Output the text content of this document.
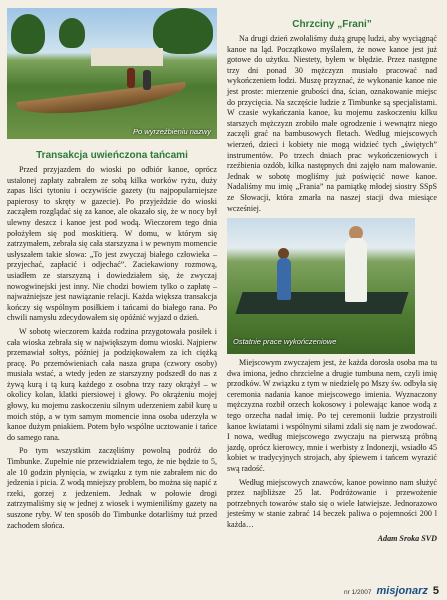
Po wyrzeźbieniu nazwy
Transakcja uwieńczona tańcami

Przed przyjazdem do wioski po odbiór kanoe, oprócz ustalonej zapłaty zabrałem ze sobą kilka worków ryżu, duży zapas liści tytoniu i oczywiście gazety (tu najpopularniejsze papierosy to skręty w gazecie). Po przyjeździe do wioski zacząłem rozglądać się za kanoe, ale okazało się, że w nocy był ulewny deszcz i kanoe jest pod wodą. Wieczorem tego dnia położyłem się pod moskitierą. W domu, w którym się zatrzymałem, zebrała się cała starszyzna i w pewnym momencie usłyszałem takie słowa: „To jest zwyczaj białego człowieka – przyjechać, zapłacić i odjechać”. Zaciekawiony rozmową, usiadłem ze starszyzną i dowiedziałem się, że zwyczaj nowogwinejski jest inny. Nie chodzi bowiem tylko o zapłatę – najważniejsze jest nawiązanie relacji. Każda większa transakcja kończy się wspólnym posiłkiem i tańcami do białego rana. Po chwili namysłu zdecydowałem się opóźnić wyjazd o dzień.

W sobotę wieczorem każda rodzina przygotowała posiłek i cała wioska zebrała się w największym domu wioski. Najpierw przemawiał sołtys, później ja podziękowałem za ich ciężką pracę. Po przemówieniach cała nasza grupa (czwory osoby) musiała wstać, a wtedy jeden ze starszyzny podszedł do nas z żywą kurą i tą kurą każdego z osobna trzy razy okrążył – w okolicy kolan, klatki piersiowej i głowy. Po okrążeniu mojej głowy, ku mojemu zaskoczeniu silnym uderzeniem zabił kurę u moich stóp, a w tym samym momencie inna osoba uderzyła w kanoe dużym pniakiem. Potem było wspólne ucztowanie i tańce do samego rana.

Po tym wszystkim zaczęliśmy powolną podróż do Timbunke. Zupełnie nie przewidziałem tego, że nie będzie to 5, ale 10 godzin płynięcia, w związku z tym nie zabrałem nic do jedzenia i picia. Z wodą mniejszy problem, bo można się napić z rzeki, gorzej z jedzeniem. Jednak w połowie drogi zatrzymaliśmy się w jednej z wiosek i wymieniliśmy gazety na suszone ryby. W ten sposób do Timbunke dotarliśmy tuż przed zachodem słońca.

Chrzciny „Frani”

Na drugi dzień zwołaliśmy dużą grupę ludzi, aby wyciągnąć kanoe na ląd. Początkowo myślałem, że nowe kanoe jest już gotowe do użytku. Niestety, byłem w błędzie. Przez następne trzy dni ponad 30 mężczyzn musiało pracować nad wykończeniem łodzi. Muszę przyznać, że wykonanie kanoe nie jest proste: mierzenie grubości dna, ścian, oznakowanie miejsc do przycięcia. Na szczęście ludzie z Timbunke są specjalistami. W czasie wykańczania kanoe, ku mojemu zaskoczeniu kilku starszych mężczyzn zrobiło małe ogrodzenie i wewnątrz niego zaczęli grać na bambusowych fletach. Według miejscowych wierzeń, dzieci i kobiety nie mogą widzieć tych „świętych” instrumentów. Po trzech dniach prac wykończeniowych i rzeźbienia ozdób, kilka następnych dni zajęło nam malowanie. Jednak w sobotę mogliśmy już poświęcić nowe kanoe. Nadaliśmy mu imię „Frania” na pamiątkę młodej siostry SSpS ze Słowacji, która zmarła na naszej stacji dwa miesiące wcześniej.

Ostatnie prace wykończeniowe

Miejscowym zwyczajem jest, że każda dorosła osoba ma tu dwa imiona, jedno chrzcielne a drugie tumbuna nem, czyli imię przodków. W związku z tym w niedzielę po Mszy św. odbyła się ceremonia nadania kanoe miejscowego imienia. Wyznaczony mężczyzna rozbił orzech kokosowy i polewając kanoe wodą z tego orzecha nadał imię. Po tej ceremonii ludzie przystroili kanoe kwiatami i wspólnymi siłami zdali się nam je zwodować. I nowa, według miejscowego zwyczaju na pierwszą próbną jazdę, oprócz kierowcy, mnie i werbisty z Indonezji, wsiadło 45 kobiet w tradycyjnych strojach, aby śpiewem i tańcem wyrazić swą radość.

Według miejscowych znawców, kanoe powinno nam służyć przez najbliższe 25 lat. Podróżowanie i przewożenie potrzebnych towarów stało się o wiele łatwiejsze. Jednorazowo jesteśmy w stanie zabrać 14 beczek paliwa o pojemności 200 l każda…

Adam Sroka SVD
nr 1/2007 misjonarz 5
